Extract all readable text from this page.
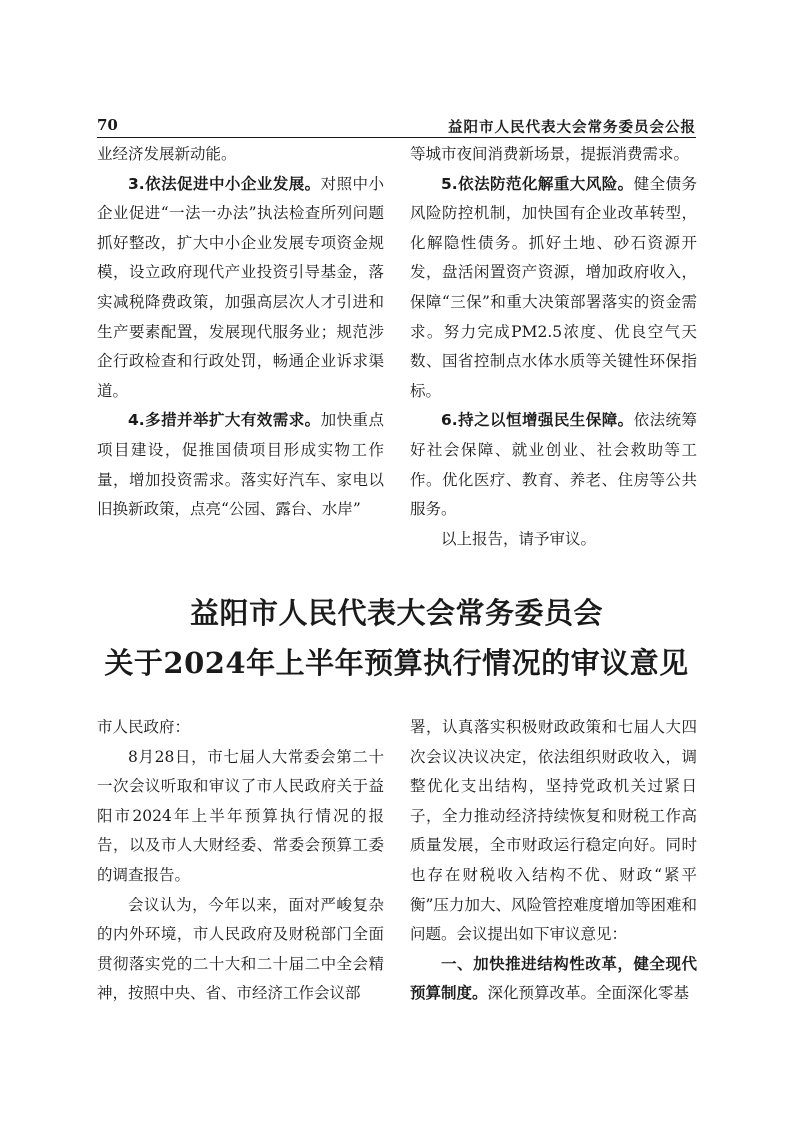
70	益阳市人民代表大会常务委员会公报

业经济发展新动能。

3.依法促进中小企业发展。对照中小企业促进“一法一办法”执法检查所列问题抓好整改，扩大中小企业发展专项资金规模，设立政府现代产业投资引导基金，落实减税降费政策，加强高层次人才引进和生产要素配置，发展现代服务业；规范涉企行政检查和行政处罚，畅通企业诉求渠道。

4.多措并举扩大有效需求。加快重点项目建设，促推国债项目形成实物工作量，增加投资需求。落实好汽车、家电以旧换新政策，点亮“公园、露台、水岸”

等城市夜间消费新场景，提振消费需求。

5.依法防范化解重大风险。健全债务风险防控机制，加快国有企业改革转型，化解隐性债务。抓好土地、砂石资源开发，盘活闲置资产资源，增加政府收入，保障“三保”和重大决策部署落实的资金需求。努力完成PM2.5浓度、优良空气天数、国省控制点水体水质等关键性环保指标。

6.持之以恒增强民生保障。依法统筹好社会保障、就业创业、社会救助等工作。优化医疗、教育、养老、住房等公共服务。

以上报告，请予审议。

益阳市人民代表大会常务委员会
关于2024年上半年预算执行情况的审议意见

市人民政府：

8月28日，市七届人大常委会第二十一次会议听取和审议了市人民政府关于益阳市2024年上半年预算执行情况的报告，以及市人大财经委、常委会预算工委的调查报告。

会议认为，今年以来，面对严峻复杂的内外环境，市人民政府及财税部门全面贯彻落实党的二十大和二十届二中全会精神，按照中央、省、市经济工作会议部

署，认真落实积极财政政策和七届人大四次会议决议决定，依法组织财政收入，调整优化支出结构，坚持党政机关过紧日子，全力推动经济持续恢复和财税工作高质量发展，全市财政运行稳定向好。同时也存在财税收入结构不优、财政“紧平衡”压力加大、风险管控难度增加等困难和问题。会议提出如下审议意见：

一、加快推进结构性改革，健全现代预算制度。深化预算改革。全面深化零基
